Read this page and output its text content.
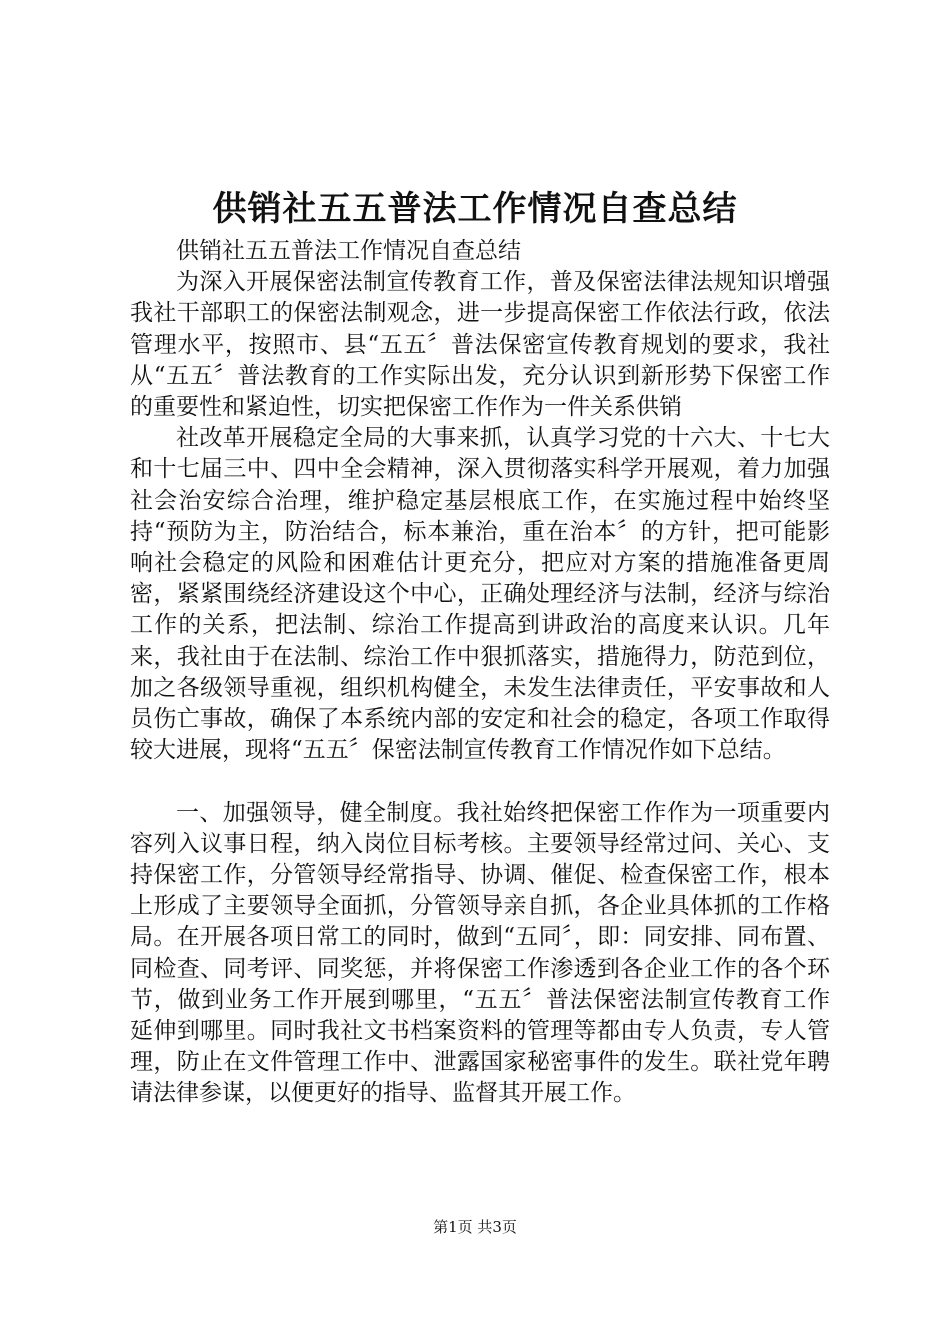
供销社五五普法工作情况自查总结

供销社五五普法工作情况自查总结

为深入开展保密法制宣传教育工作，普及保密法律法规知识增强我社干部职工的保密法制观念，进一步提高保密工作依法行政，依法管理水平，按照市、县“五五〞普法保密宣传教育规划的要求，我社从“五五〞普法教育的工作实际出发，充分认识到新形势下保密工作的重要性和紧迫性，切实把保密工作作为一件关系供销

社改革开展稳定全局的大事来抓，认真学习党的十六大、十七大和十七届三中、四中全会精神，深入贯彻落实科学开展观，着力加强社会治安综合治理，维护稳定基层根底工作，在实施过程中始终坚持“预防为主，防治结合，标本兼治，重在治本〞的方针，把可能影响社会稳定的风险和困难估计更充分，把应对方案的措施准备更周密，紧紧围绕经济建设这个中心，正确处理经济与法制，经济与综治工作的关系，把法制、综治工作提高到讲政治的高度来认识。几年来，我社由于在法制、综治工作中狠抓落实，措施得力，防范到位，加之各级领导重视，组织机构健全，未发生法律责任，平安事故和人员伤亡事故，确保了本系统内部的安定和社会的稳定，各项工作取得较大进展，现将“五五〞保密法制宣传教育工作情况作如下总结。

一、加强领导，健全制度。我社始终把保密工作作为一项重要内容列入议事日程，纳入岗位目标考核。主要领导经常过问、关心、支持保密工作，分管领导经常指导、协调、催促、检查保密工作，根本上形成了主要领导全面抓，分管领导亲自抓，各企业具体抓的工作格局。在开展各项日常工的同时，做到“五同〞，即：同安排、同布置、同检查、同考评、同奖惩，并将保密工作渗透到各企业工作的各个环节，做到业务工作开展到哪里，“五五〞普法保密法制宣传教育工作延伸到哪里。同时我社文书档案资料的管理等都由专人负责，专人管理，防止在文件管理工作中、泄露国家秘密事件的发生。联社党年聘请法律参谋，以便更好的指导、监督其开展工作。

第1页 共3页
